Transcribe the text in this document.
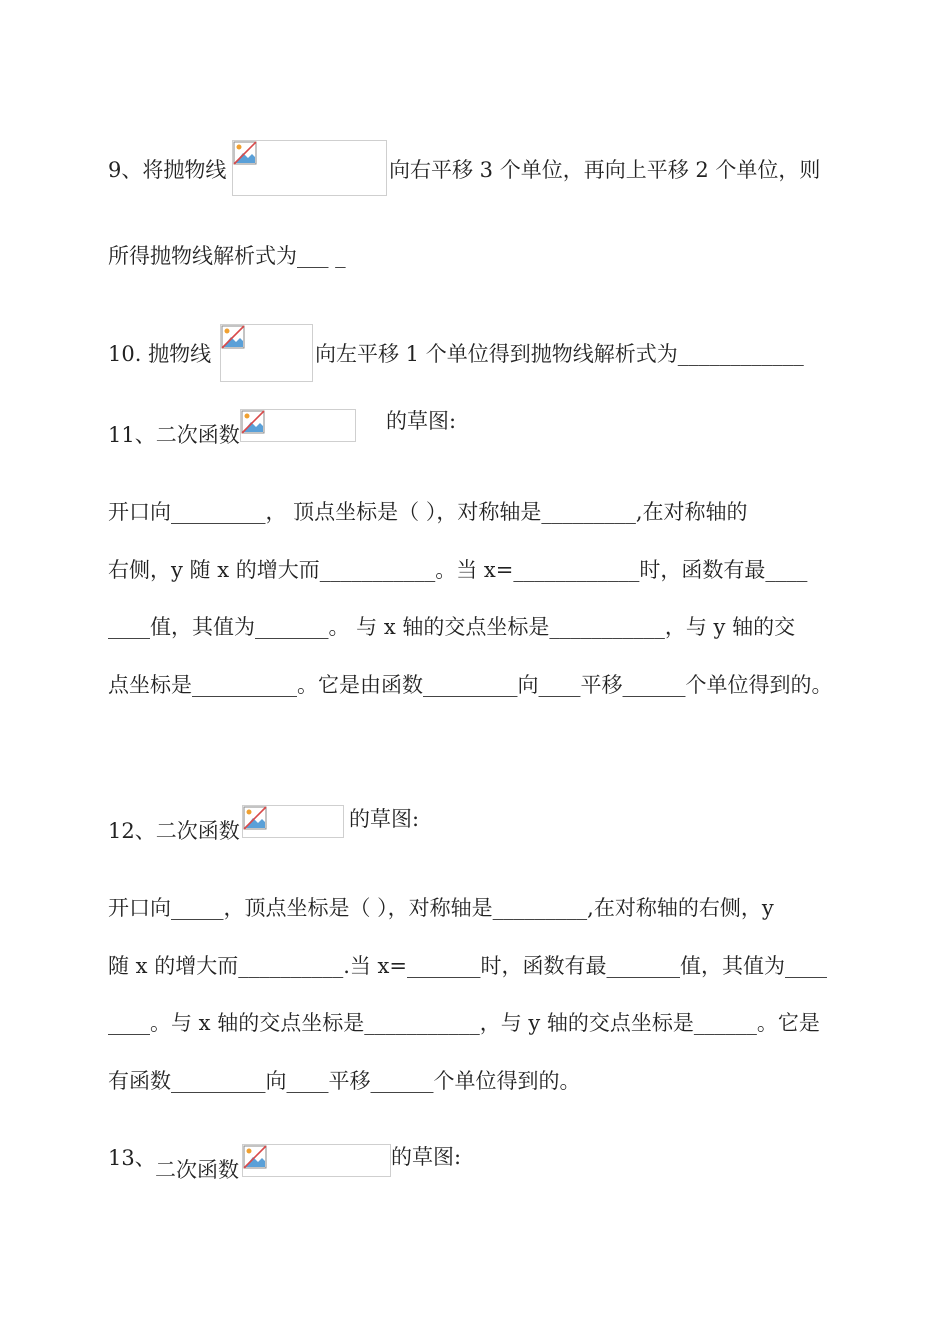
9、将抛物线	向右平移 3 个单位，再向上平移 2 个单位，则
所得抛物线解析式为___ _
10. 抛物线	向左平移 1 个单位得到抛物线解析式为____________
11、二次函数
的草图:
开口向_________， 顶点坐标是（ ），对称轴是_________,在对称轴的
右侧，y 随 x 的增大而___________。当 x=____________时，函数有最____
____值，其值为_______。 与 x 轴的交点坐标是___________，与 y 轴的交
点坐标是__________。它是由函数_________向____平移______个单位得到的。
12、二次函数	的草图:
开口向_____，顶点坐标是（ ），对称轴是_________,在对称轴的右侧，y
随 x 的增大而__________.当 x=_______时，函数有最_______值，其值为____
____。与 x 轴的交点坐标是___________，与 y 轴的交点坐标是______。它是
有函数_________向____平移______个单位得到的。
13、 二次函数
的草图:
